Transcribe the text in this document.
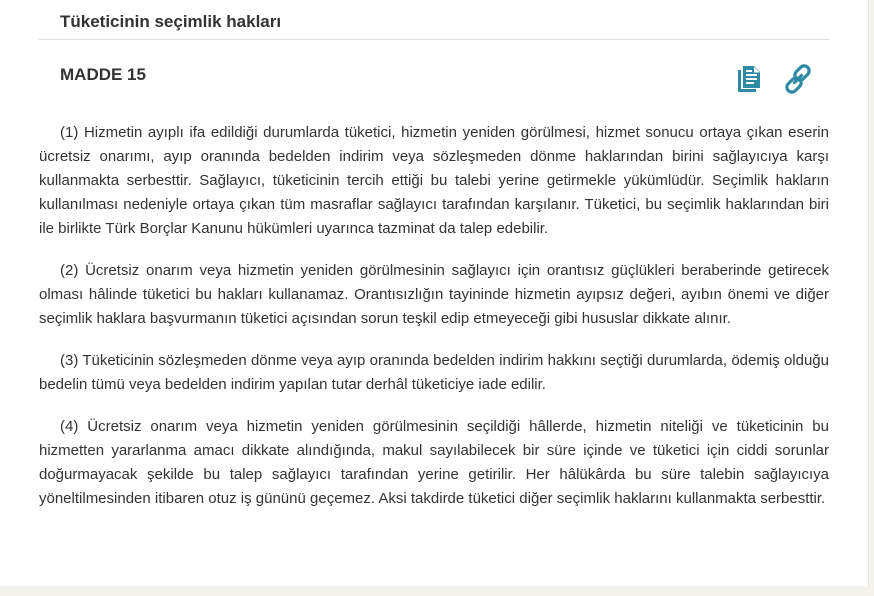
Tüketicinin seçimlik hakları
MADDE 15

(1) Hizmetin ayıplı ifa edildiği durumlarda tüketici, hizmetin yeniden görülmesi, hizmet sonucu ortaya çıkan eserin ücretsiz onarımı, ayıp oranında bedelden indirim veya sözleşmeden dönme haklarından birini sağlayıcıya karşı kullanmakta serbesttir. Sağlayıcı, tüketicinin tercih ettiği bu talebi yerine getirmekle yükümlüdür. Seçimlik hakların kullanılması nedeniyle ortaya çıkan tüm masraflar sağlayıcı tarafından karşılanır. Tüketici, bu seçimlik haklarından biri ile birlikte Türk Borçlar Kanunu hükümleri uyarınca tazminat da talep edebilir.

(2) Ücretsiz onarım veya hizmetin yeniden görülmesinin sağlayıcı için orantısız güçlükleri beraberinde getirecek olması hâlinde tüketici bu hakları kullanamaz. Orantısızlığın tayininde hizmetin ayıpsız değeri, ayıbın önemi ve diğer seçimlik haklara başvurmanın tüketici açısından sorun teşkil edip etmeyeceği gibi hususlar dikkate alınır.

(3) Tüketicinin sözleşmeden dönme veya ayıp oranında bedelden indirim hakkını seçtiği durumlarda, ödemiş olduğu bedelin tümü veya bedelden indirim yapılan tutar derhâl tüketiciye iade edilir.

(4) Ücretsiz onarım veya hizmetin yeniden görülmesinin seçildiği hâllerde, hizmetin niteliği ve tüketicinin bu hizmetten yararlanma amacı dikkate alındığında, makul sayılabilecek bir süre içinde ve tüketici için ciddi sorunlar doğurmayacak şekilde bu talep sağlayıcı tarafından yerine getirilir. Her hâlükârda bu süre talebin sağlayıcıya yöneltilmesinden itibaren otuz iş gününü geçemez. Aksi takdirde tüketici diğer seçimlik haklarını kullanmakta serbesttir.
